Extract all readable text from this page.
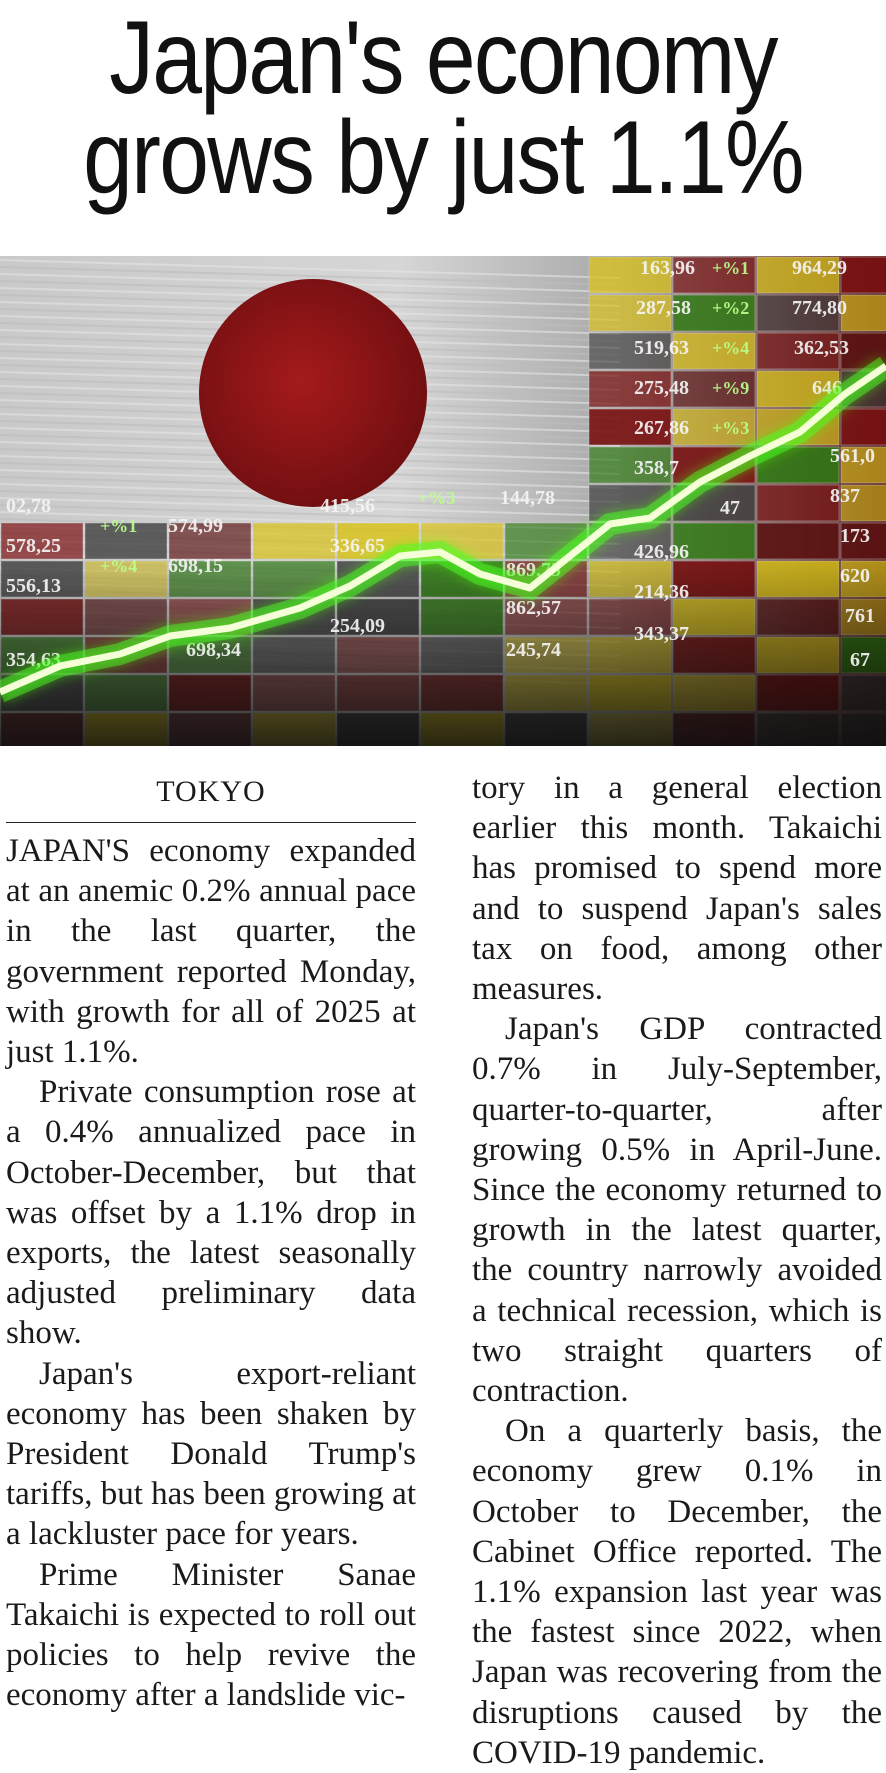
Japan's economy
grows by just 1.1%
163,96 +%1 964,29
287,58 +%2 774,80
519,63 +%4 362,53
275,48 +%9	646
267,86 +%3
561,0
358,7
837
47
426,96
173
214,36
620
343,37
761
67
02,78
578,25
+%1 574,99
556,13
+%4 698,15
415,56 +%3 144,78
336,65
869,75
862,57
245,74
254,09
698,34
354,63
TOKYO

JAPAN'S economy expanded at an anemic 0.2% annual pace in the last quarter, the government reported Monday, with growth for all of 2025 at just 1.1%.

Private consumption rose at a 0.4% annualized pace in October-December, but that was offset by a 1.1% drop in exports, the latest seasonally adjusted preliminary data show.

Japan's export-reliant economy has been shaken by President Donald Trump's tariffs, but has been growing at a lackluster pace for years.

Prime Minister Sanae Takaichi is expected to roll out policies to help revive the economy after a landslide vic-

tory in a general election earlier this month. Takaichi has promised to spend more and to suspend Japan's sales tax on food, among other measures.

Japan's GDP contracted 0.7% in July-September, quarter-to-quarter, after growing 0.5% in April-June. Since the economy returned to growth in the latest quarter, the country narrowly avoided a technical recession, which is two straight quarters of contraction.

On a quarterly basis, the economy grew 0.1% in October to December, the Cabinet Office reported. The 1.1% expansion last year was the fastest since 2022, when Japan was recovering from the disruptions caused by the COVID-19 pandemic.
